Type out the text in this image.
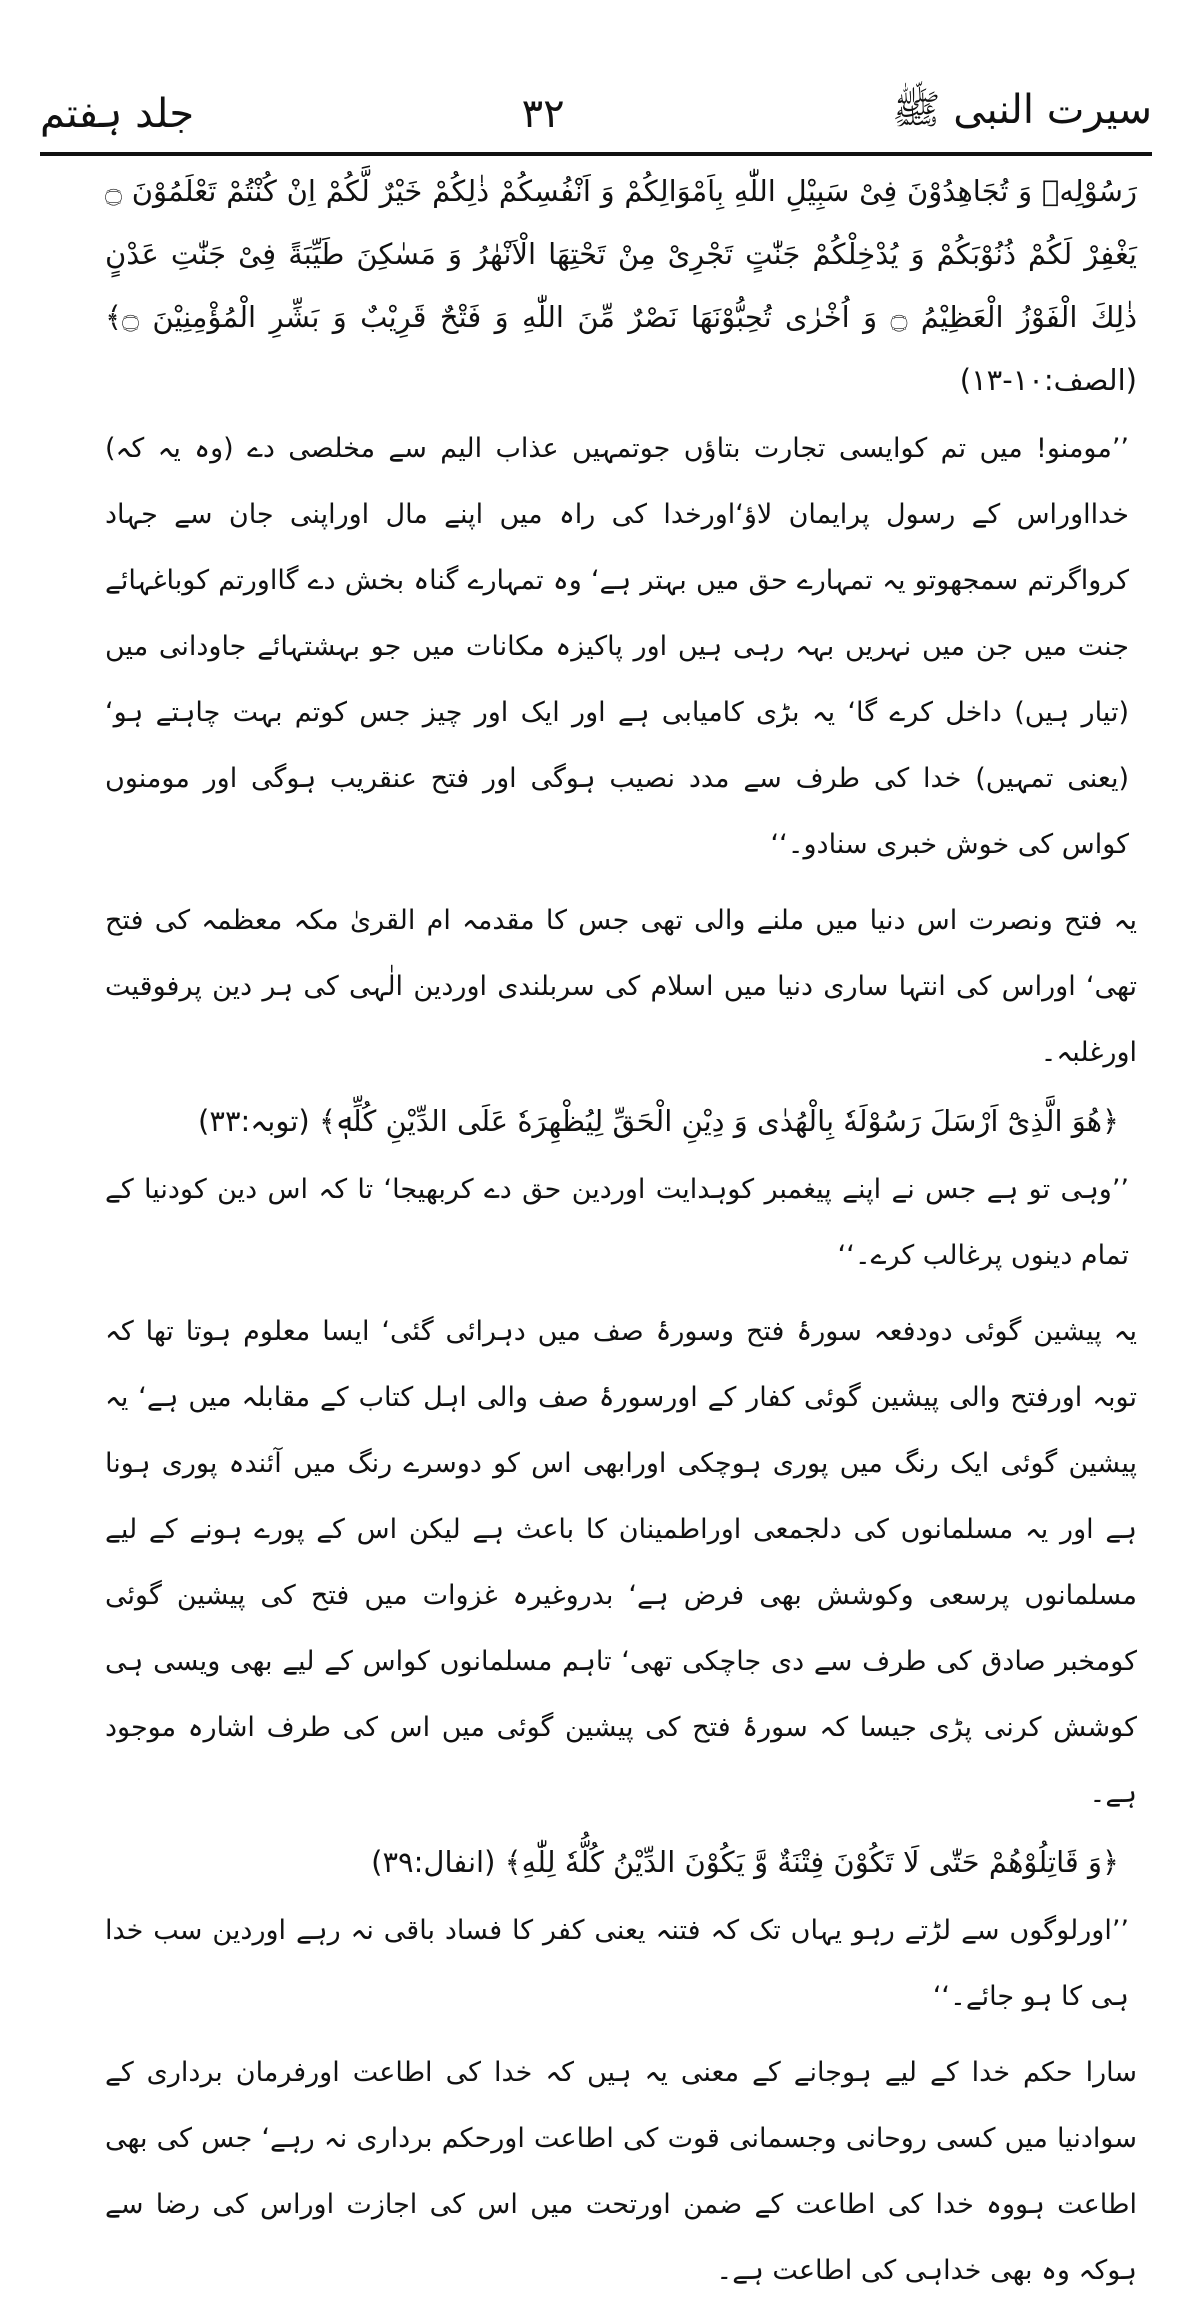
سیرت النبی ﷺ
۳۲
جلد ہفتم

رَسُوْلِهٖ وَ تُجَاهِدُوْنَ فِیْ سَبِیْلِ اللّٰهِ بِاَمْوَالِكُمْ وَ اَنْفُسِكُمْ ذٰلِكُمْ خَیْرٌ لَّكُمْ اِنْ كُنْتُمْ تَعْلَمُوْنَ ۝ یَغْفِرْ لَكُمْ ذُنُوْبَكُمْ وَ یُدْخِلْكُمْ جَنّٰتٍ تَجْرِیْ مِنْ تَحْتِهَا الْاَنْهٰرُ وَ مَسٰكِنَ طَیِّبَةً فِیْ جَنّٰتِ عَدْنٍ ذٰلِكَ الْفَوْزُ الْعَظِیْمُ ۝ وَ اُخْرٰی تُحِبُّوْنَهَا نَصْرٌ مِّنَ اللّٰهِ وَ فَتْحٌ قَرِیْبٌ وَ بَشِّرِ الْمُؤْمِنِیْنَ ۝﴾ (الصف:۱۰-۱۳)

’’مومنو! میں تم کوایسی تجارت بتاؤں جوتمہیں عذاب الیم سے مخلصی دے (وہ یہ کہ) خدااوراس کے رسول پرایمان لاؤ‘اورخدا کی راہ میں اپنے مال اوراپنی جان سے جہاد کرواگرتم سمجھوتو یہ تمہارے حق میں بہتر ہے‘ وہ تمہارے گناہ بخش دے گااورتم کوباغہائے جنت میں جن میں نہریں بہہ رہی ہیں اور پاکیزہ مکانات میں جو بہشتہائے جاودانی میں (تیار ہیں) داخل کرے گا‘ یہ بڑی کامیابی ہے اور ایک اور چیز جس کوتم بہت چاہتے ہو‘ (یعنی تمہیں) خدا کی طرف سے مدد نصیب ہوگی اور فتح عنقریب ہوگی اور مومنوں کواس کی خوش خبری سنادو۔‘‘

یہ فتح ونصرت اس دنیا میں ملنے والی تھی جس کا مقدمہ ام القریٰ مکہ معظمہ کی فتح تھی‘ اوراس کی انتہا ساری دنیا میں اسلام کی سربلندی اوردین الٰہی کی ہر دین پرفوقیت اورغلبہ۔

﴿هُوَ الَّذِیْٓ اَرْسَلَ رَسُوْلَهٗ بِالْهُدٰی وَ دِیْنِ الْحَقِّ لِیُظْهِرَهٗ عَلَی الدِّیْنِ كُلِّهٖ﴾ (توبہ:۳۳)

’’وہی تو ہے جس نے اپنے پیغمبر کوہدایت اوردین حق دے کربھیجا‘ تا کہ اس دین کودنیا کے تمام دینوں پرغالب کرے۔‘‘

یہ پیشین گوئی دودفعہ سورۂ فتح وسورۂ صف میں دہرائی گئی‘ ایسا معلوم ہوتا تھا کہ توبہ اورفتح والی پیشین گوئی کفار کے اورسورۂ صف والی اہل کتاب کے مقابلہ میں ہے‘ یہ پیشین گوئی ایک رنگ میں پوری ہوچکی اورابھی اس کو دوسرے رنگ میں آئندہ پوری ہونا ہے اور یہ مسلمانوں کی دلجمعی اوراطمینان کا باعث ہے لیکن اس کے پورے ہونے کے لیے مسلمانوں پرسعی وکوشش بھی فرض ہے‘ بدروغیرہ غزوات میں فتح کی پیشین گوئی کومخبر صادق کی طرف سے دی جاچکی تھی‘ تاہم مسلمانوں کواس کے لیے بھی ویسی ہی کوشش کرنی پڑی جیسا کہ سورۂ فتح کی پیشین گوئی میں اس کی طرف اشارہ موجود ہے۔

﴿وَ قَاتِلُوْهُمْ حَتّٰی لَا تَكُوْنَ فِتْنَةٌ وَّ یَكُوْنَ الدِّیْنُ كُلُّهٗ لِلّٰهِ﴾ (انفال:۳۹)

’’اورلوگوں سے لڑتے رہو یہاں تک کہ فتنہ یعنی کفر کا فساد باقی نہ رہے اوردین سب خدا ہی کا ہو جائے۔‘‘

سارا حکم خدا کے لیے ہوجانے کے معنی یہ ہیں کہ خدا کی اطاعت اورفرمان برداری کے سوادنیا میں کسی روحانی وجسمانی قوت کی اطاعت اورحکم برداری نہ رہے‘ جس کی بھی اطاعت ہووہ خدا کی اطاعت کے ضمن اورتحت میں اس کی اجازت اوراس کی رضا سے ہوکہ وہ بھی خداہی کی اطاعت ہے۔
